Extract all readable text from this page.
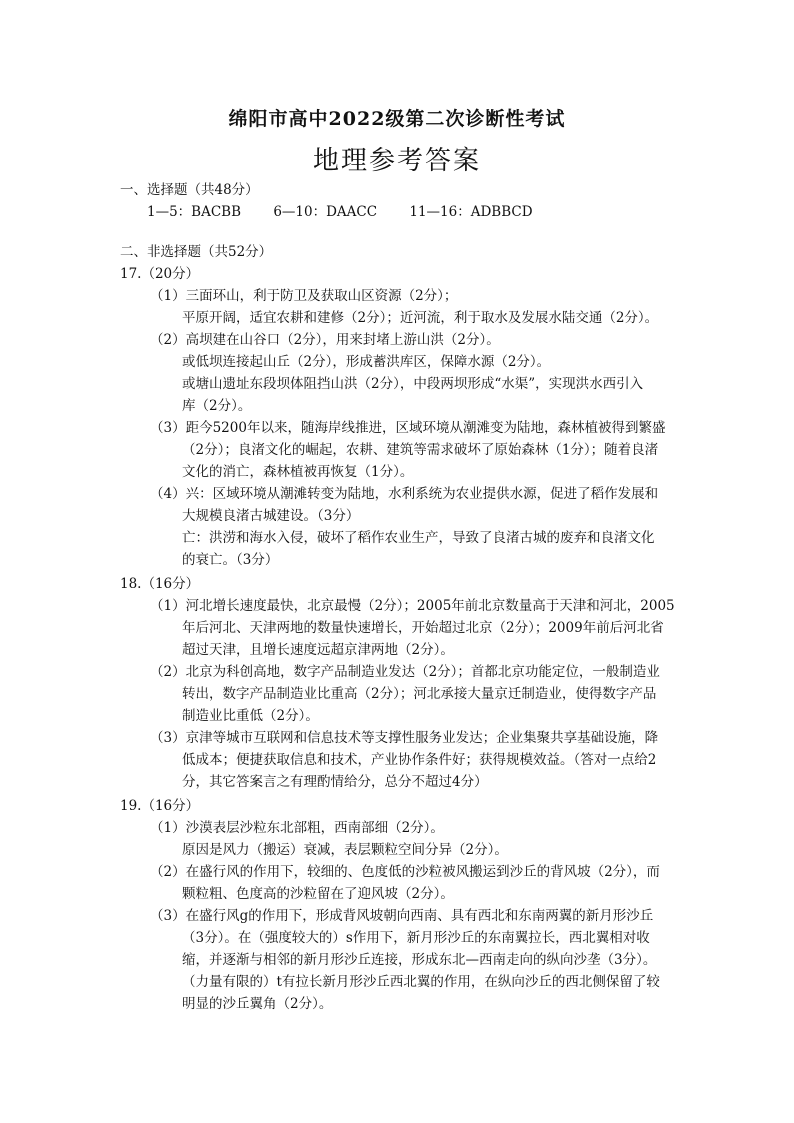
绵阳市高中2022级第二次诊断性考试
地理参考答案
一、选择题（共48分）
1—5：BACBB 6—10：DAACC 11—16：ADBBCD
二、非选择题（共52分）
17.（20分）
（1）三面环山，利于防卫及获取山区资源（2分）；
平原开阔，适宜农耕和建修（2分）；近河流，利于取水及发展水陆交通（2分）。
（2）高坝建在山谷口（2分），用来封堵上游山洪（2分）。
或低坝连接起山丘（2分），形成蓄洪库区，保障水源（2分）。
或塘山遗址东段坝体阻挡山洪（2分），中段两坝形成“水渠”，实现洪水西引入
库（2分）。
（3）距今5200年以来，随海岸线推进，区域环境从潮滩变为陆地，森林植被得到繁盛
（2分）；良渚文化的崛起，农耕、建筑等需求破坏了原始森林（1分）；随着良渚
文化的消亡，森林植被再恢复（1分）。
（4）兴：区域环境从潮滩转变为陆地，水利系统为农业提供水源，促进了稻作发展和
大规模良渚古城建设。（3分）
亡：洪涝和海水入侵，破坏了稻作农业生产，导致了良渚古城的废弃和良渚文化
的衰亡。（3分）
18.（16分）
（1）河北增长速度最快，北京最慢（2分）；2005年前北京数量高于天津和河北，2005
年后河北、天津两地的数量快速增长，开始超过北京（2分）；2009年前后河北省
超过天津，且增长速度远超京津两地（2分）。
（2）北京为科创高地，数字产品制造业发达（2分）；首都北京功能定位，一般制造业
转出，数字产品制造业比重高（2分）；河北承接大量京迁制造业，使得数字产品
制造业比重低（2分）。
（3）京津等城市互联网和信息技术等支撑性服务业发达；企业集聚共享基础设施，降
低成本；便捷获取信息和技术，产业协作条件好；获得规模效益。（答对一点给2
分，其它答案言之有理酌情给分，总分不超过4分）
19.（16分）
（1）沙漠表层沙粒东北部粗，西南部细（2分）。
原因是风力（搬运）衰减，表层颗粒空间分异（2分）。
（2）在盛行风的作用下，较细的、色度低的沙粒被风搬运到沙丘的背风坡（2分），而
颗粒粗、色度高的沙粒留在了迎风坡（2分）。
（3）在盛行风g的作用下，形成背风坡朝向西南、具有西北和东南两翼的新月形沙丘
（3分）。在（强度较大的）s作用下，新月形沙丘的东南翼拉长，西北翼相对收
缩，并逐渐与相邻的新月形沙丘连接，形成东北—西南走向的纵向沙垄（3分）。
（力量有限的）t有拉长新月形沙丘西北翼的作用，在纵向沙丘的西北侧保留了较
明显的沙丘翼角（2分）。
